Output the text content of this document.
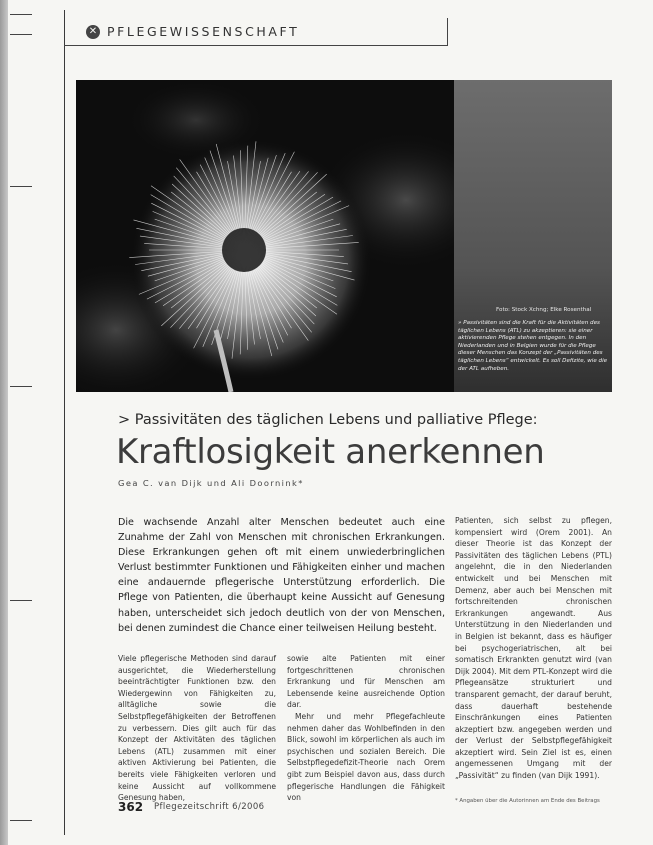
✕ PFLEGEWISSENSCHAFT
Foto: Stock Xchng; Elke Rosenthal
» Passivitäten sind die Kraft für die Aktivitäten des täglichen Lebens (ATL) zu akzeptieren: sie einer aktivierenden Pflege stehen entgegen. In den Niederlanden und in Belgien wurde für die Pflege dieser Menschen das Konzept der „Passivitäten des täglichen Lebens“ entwickelt. Es soll Defizite, wie die der ATL aufheben.
> Passivitäten des täglichen Lebens und palliative Pflege:
Kraftlosigkeit anerkennen
Gea C. van Dijk und Ali Doornink*
Die wachsende Anzahl alter Menschen bedeutet auch eine Zunahme der Zahl von Menschen mit chronischen Erkrankungen. Diese Erkrankungen gehen oft mit einem unwiederbringlichen Verlust bestimmter Funktionen und Fähigkeiten einher und machen eine andauernde pflegerische Unterstützung erforderlich. Die Pflege von Patienten, die überhaupt keine Aussicht auf Genesung haben, unterscheidet sich jedoch deutlich von der von Menschen, bei denen zumindest die Chance einer teilweisen Heilung besteht.

Viele pflegerische Methoden sind darauf ausgerichtet, die Wiederherstellung beeinträchtigter Funktionen bzw. den Wiedergewinn von Fähigkeiten zu, alltägliche sowie die Selbstpflegefähigkeiten der Betroffenen zu verbessern. Dies gilt auch für das Konzept der Aktivitäten des täglichen Lebens (ATL) zusammen mit einer aktiven Aktivierung bei Patienten, die bereits viele Fähigkeiten verloren und keine Aussicht auf vollkommene Genesung haben,

sowie alte Patienten mit einer fortgeschrittenen chronischen Erkrankung und für Menschen am Lebensende keine ausreichende Option dar.

Mehr und mehr Pflegefachleute nehmen daher das Wohlbefinden in den Blick, sowohl im körperlichen als auch im psychischen und sozialen Bereich. Die Selbstpflegedefizit-Theorie nach Orem gibt zum Beispiel davon aus, dass durch pflegerische Handlungen die Fähigkeit von

Patienten, sich selbst zu pflegen, kompensiert wird (Orem 2001). An dieser Theorie ist das Konzept der Passivitäten des täglichen Lebens (PTL) angelehnt, die in den Niederlanden entwickelt und bei Menschen mit Demenz, aber auch bei Menschen mit fortschreitenden chronischen Erkrankungen angewandt. Aus Unterstützung in den Niederlanden und in Belgien ist bekannt, dass es häufiger bei psychogeriatrischen, alt bei somatisch Erkrankten genutzt wird (van Dijk 2004). Mit dem PTL-Konzept wird die Pflegeansätze strukturiert und transparent gemacht, der darauf beruht, dass dauerhaft bestehende Einschränkungen eines Patienten akzeptiert bzw. angegeben werden und der Verlust der Selbstpflegefähigkeit akzeptiert wird. Sein Ziel ist es, einen angemessenen Umgang mit der „Passivität“ zu finden (van Dijk 1991).

* Angaben über die Autorinnen am Ende des Beitrags
362 Pflegezeitschrift 6/2006
